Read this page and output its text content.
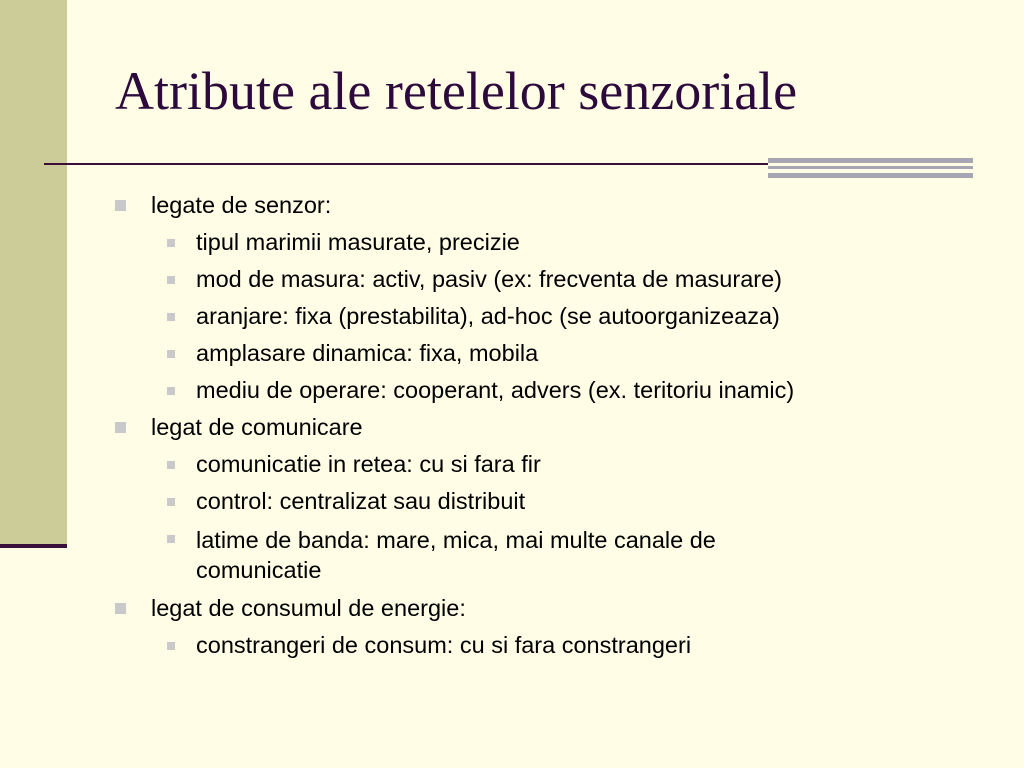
Atribute ale retelelor senzoriale
legate de senzor:
tipul marimii masurate, precizie
mod de masura: activ, pasiv (ex: frecventa de masurare)
aranjare: fixa (prestabilita), ad-hoc (se autoorganizeaza)
amplasare dinamica: fixa, mobila
mediu de operare: cooperant, advers (ex. teritoriu inamic)
legat de comunicare
comunicatie in retea: cu si fara fir
control: centralizat sau distribuit
latime de banda: mare, mica, mai multe canale de comunicatie
legat de consumul de energie:
constrangeri de consum: cu si fara constrangeri
